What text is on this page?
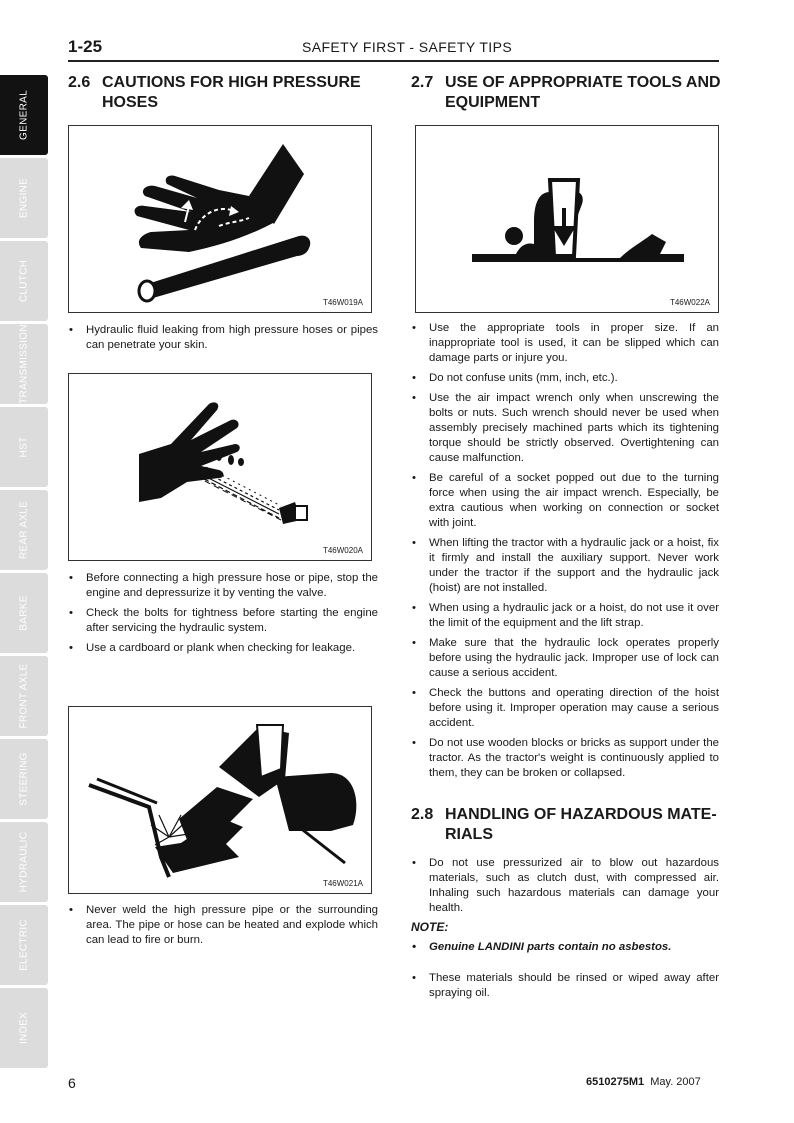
1-25	SAFETY FIRST - SAFETY TIPS
GENERAL
ENGINE
CLUTCH
TRANSMISSION
HST
REAR AXLE
BARKE
FRONT AXLE
STEERING
HYDRAULIC
ELECTRIC
INDEX
2.6 CAUTIONS FOR HIGH PRESSURE HOSES
T46W019A
• Hydraulic fluid leaking from high pressure hoses or pipes can penetrate your skin.
T46W020A
• Before connecting a high pressure hose or pipe, stop the engine and depressurize it by venting the valve.
• Check the bolts for tightness before starting the engine after servicing the hydraulic system.
• Use a cardboard or plank when checking for leakage.
T46W021A
• Never weld the high pressure pipe or the surrounding area. The pipe or hose can be heated and explode which can lead to fire or burn.
2.7 USE OF APPROPRIATE TOOLS AND EQUIPMENT
T46W022A
• Use the appropriate tools in proper size. If an inappropriate tool is used, it can be slipped which can damage parts or injure you.
• Do not confuse units (mm, inch, etc.).
• Use the air impact wrench only when unscrewing the bolts or nuts. Such wrench should never be used when assembly precisely machined parts which its tightening torque should be strictly observed. Overtightening can cause malfunction.
• Be careful of a socket popped out due to the turning force when using the air impact wrench. Especially, be extra cautious when working on connection or socket with joint.
• When lifting the tractor with a hydraulic jack or a hoist, fix it firmly and install the auxiliary support. Never work under the tractor if the support and the hydraulic jack (hoist) are not installed.
• When using a hydraulic jack or a hoist, do not use it over the limit of the equipment and the lift strap.
• Make sure that the hydraulic lock operates properly before using the hydraulic jack. Improper use of lock can cause a serious accident.
• Check the buttons and operating direction of the hoist before using it. Improper operation may cause a serious accident.
• Do not use wooden blocks or bricks as support under the tractor. As the tractor's weight is continuously applied to them, they can be broken or collapsed.
2.8 HANDLING OF HAZARDOUS MATE-
RIALS
• Do not use pressurized air to blow out hazardous materials, such as clutch dust, with compressed air. Inhaling such hazardous materials can damage your health.
NOTE:
• Genuine LANDINI parts contain no asbestos.
• These materials should be rinsed or wiped away after spraying oil.
6	6510275M1 May. 2007
